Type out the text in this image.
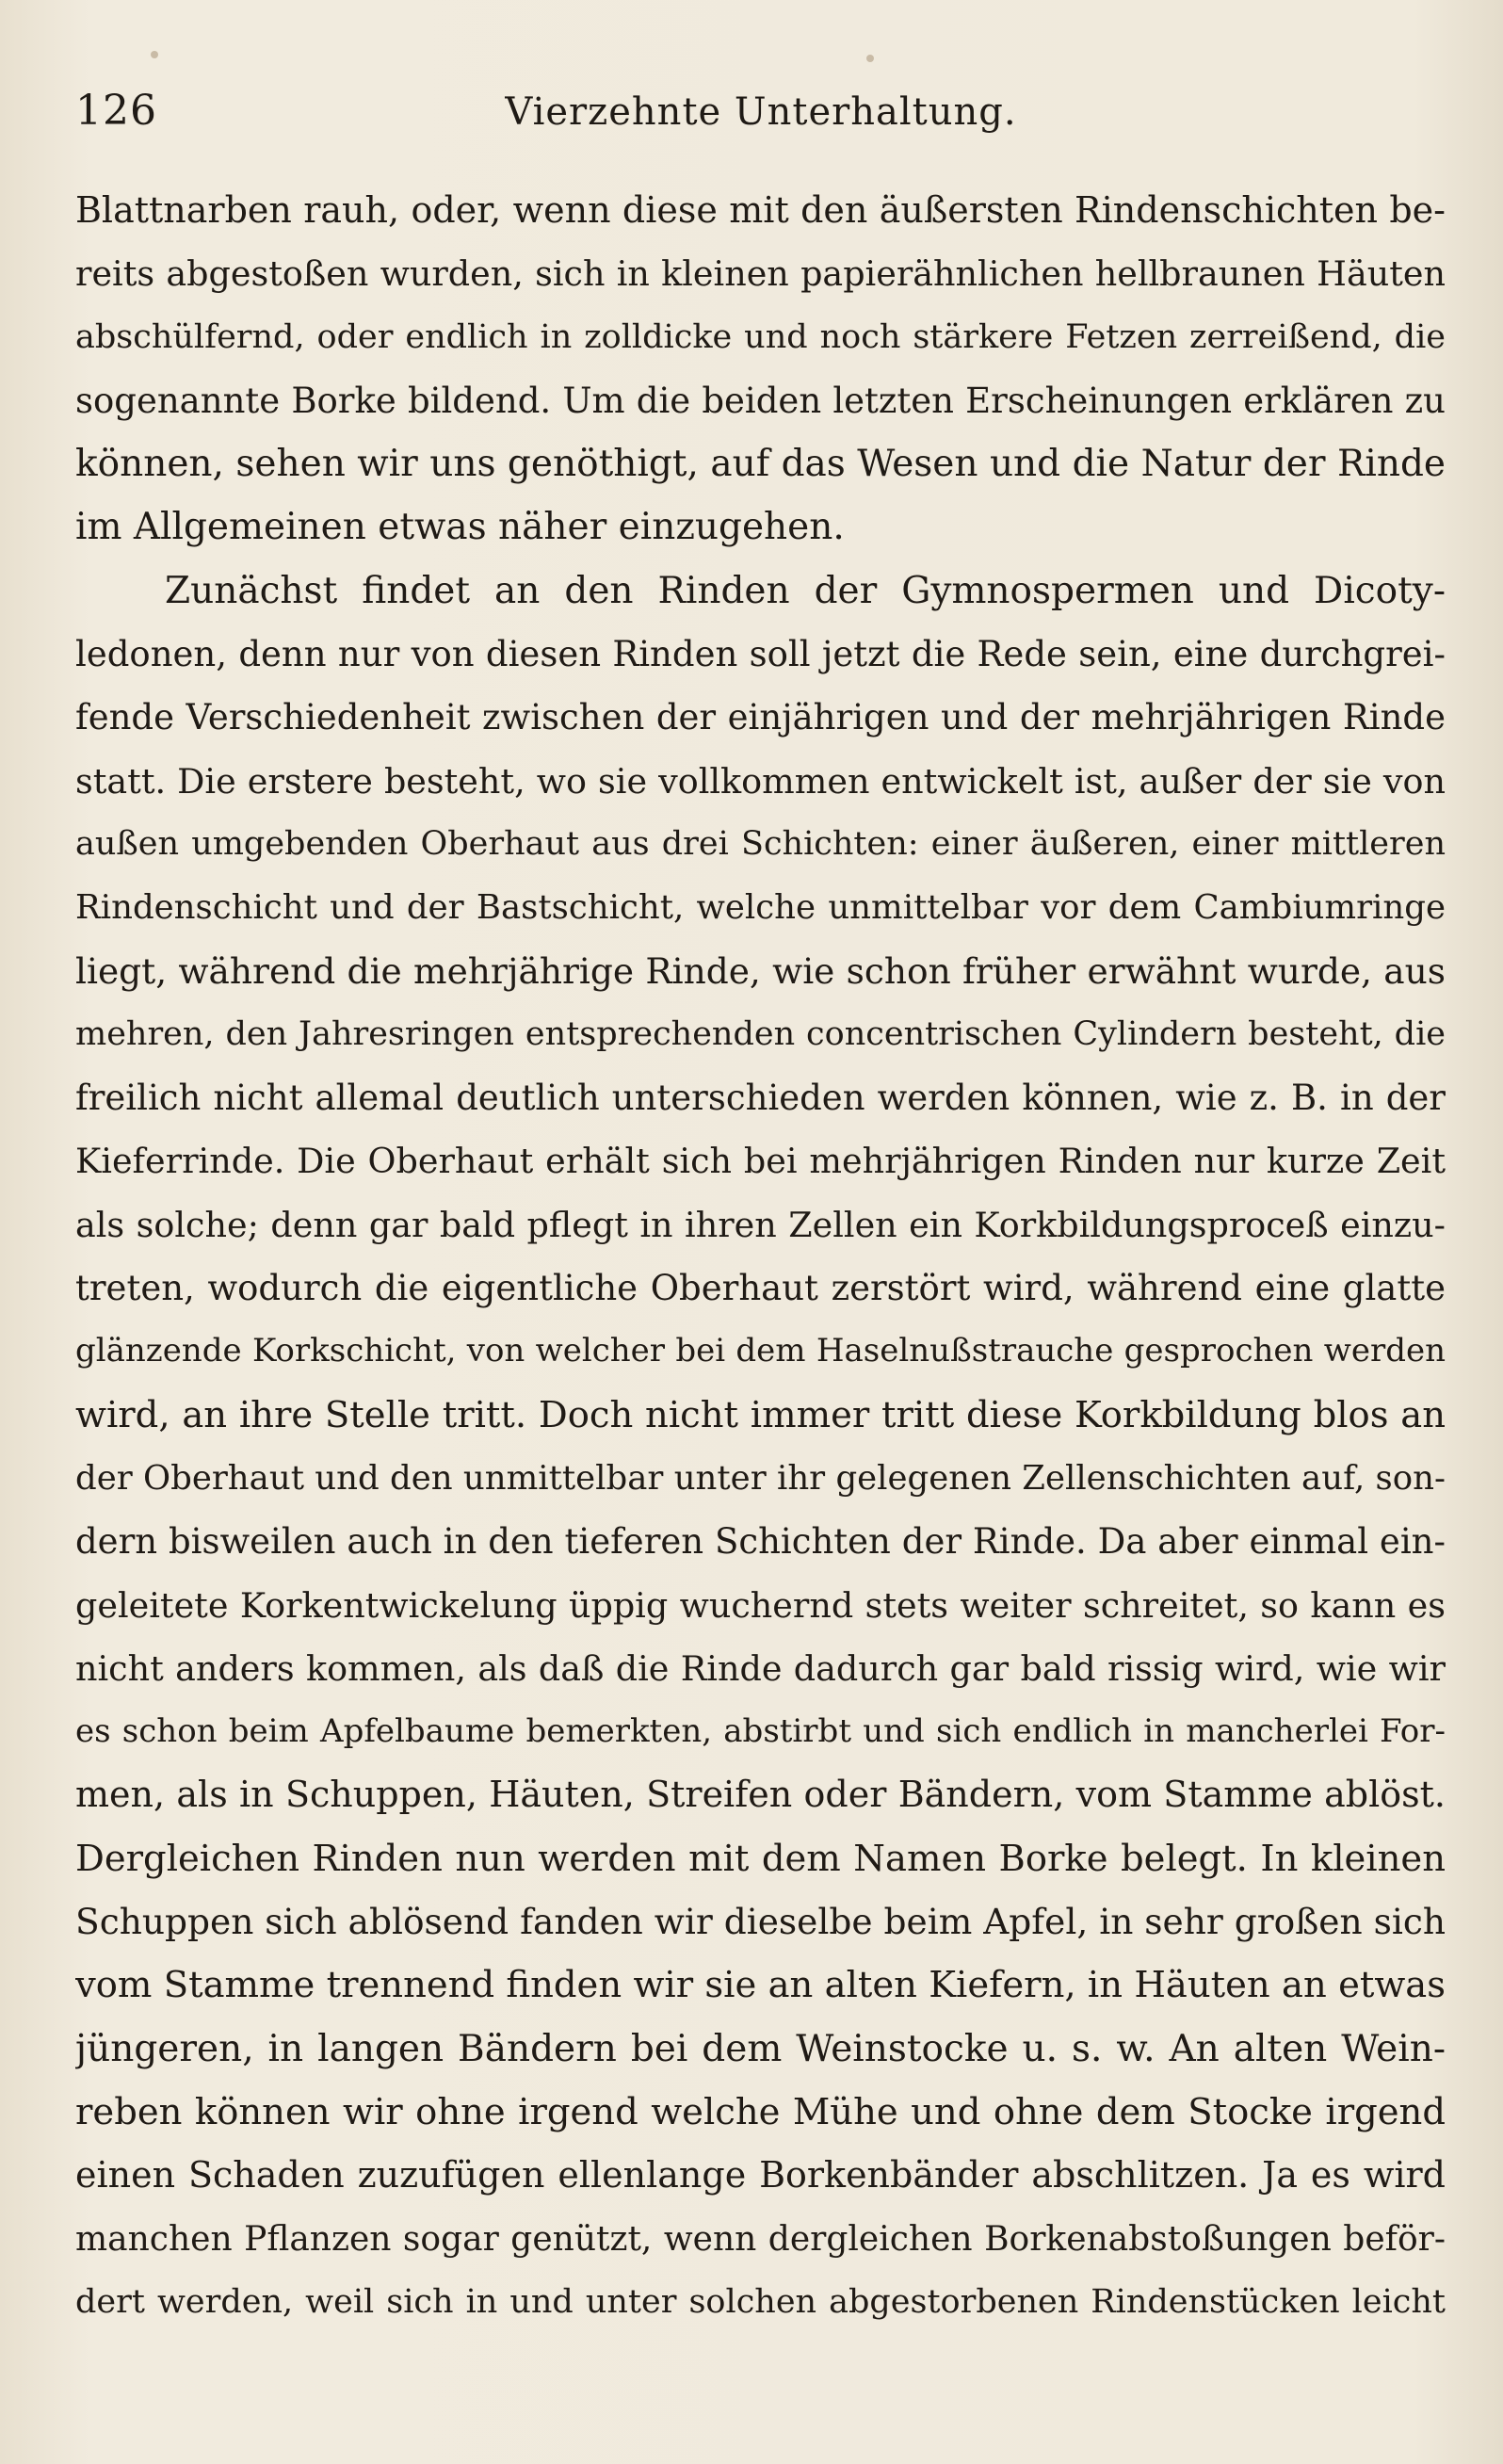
126	Vierzehnte Unterhaltung.
Blattnarben rauh, oder, wenn diese mit den äußersten Rindenschichten be-
reits abgestoßen wurden, sich in kleinen papierähnlichen hellbraunen Häuten
abschülfernd, oder endlich in zolldicke und noch stärkere Fetzen zerreißend, die
sogenannte Borke bildend. Um die beiden letzten Erscheinungen erklären zu
können, sehen wir uns genöthigt, auf das Wesen und die Natur der Rinde
im Allgemeinen etwas näher einzugehen.
Zunächst findet an den Rinden der Gymnospermen und Dicoty-
ledonen, denn nur von diesen Rinden soll jetzt die Rede sein, eine durchgrei-
fende Verschiedenheit zwischen der einjährigen und der mehrjährigen Rinde
statt. Die erstere besteht, wo sie vollkommen entwickelt ist, außer der sie von
außen umgebenden Oberhaut aus drei Schichten: einer äußeren, einer mittleren
Rindenschicht und der Bastschicht, welche unmittelbar vor dem Cambiumringe
liegt, während die mehrjährige Rinde, wie schon früher erwähnt wurde, aus
mehren, den Jahresringen entsprechenden concentrischen Cylindern besteht, die
freilich nicht allemal deutlich unterschieden werden können, wie z. B. in der
Kieferrinde. Die Oberhaut erhält sich bei mehrjährigen Rinden nur kurze Zeit
als solche; denn gar bald pflegt in ihren Zellen ein Korkbildungsproceß einzu-
treten, wodurch die eigentliche Oberhaut zerstört wird, während eine glatte
glänzende Korkschicht, von welcher bei dem Haselnußstrauche gesprochen werden
wird, an ihre Stelle tritt. Doch nicht immer tritt diese Korkbildung blos an
der Oberhaut und den unmittelbar unter ihr gelegenen Zellenschichten auf, son-
dern bisweilen auch in den tieferen Schichten der Rinde. Da aber einmal ein-
geleitete Korkentwickelung üppig wuchernd stets weiter schreitet, so kann es
nicht anders kommen, als daß die Rinde dadurch gar bald rissig wird, wie wir
es schon beim Apfelbaume bemerkten, abstirbt und sich endlich in mancherlei For-
men, als in Schuppen, Häuten, Streifen oder Bändern, vom Stamme ablöst.
Dergleichen Rinden nun werden mit dem Namen Borke belegt. In kleinen
Schuppen sich ablösend fanden wir dieselbe beim Apfel, in sehr großen sich
vom Stamme trennend finden wir sie an alten Kiefern, in Häuten an etwas
jüngeren, in langen Bändern bei dem Weinstocke u. s. w. An alten Wein-
reben können wir ohne irgend welche Mühe und ohne dem Stocke irgend
einen Schaden zuzufügen ellenlange Borkenbänder abschlitzen. Ja es wird
manchen Pflanzen sogar genützt, wenn dergleichen Borkenabstoßungen beför-
dert werden, weil sich in und unter solchen abgestorbenen Rindenstücken leicht
